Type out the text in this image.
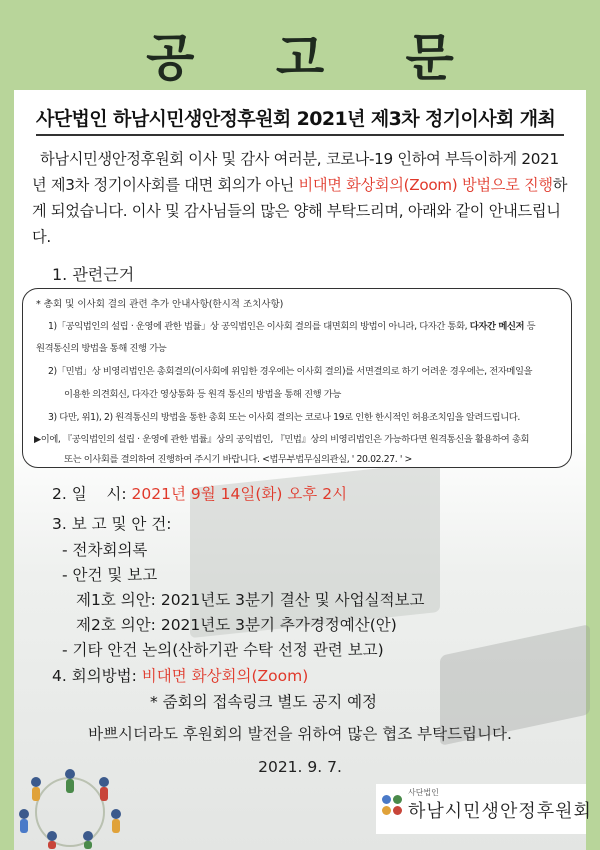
공 고 문
사단법인 하남시민생안정후원회 2021년 제3차 정기이사회 개최
하남시민생안정후원회 이사 및 감사 여러분, 코로나-19 인하여 부득이하게 2021년 제3차 정기이사회를 대면 회의가 아닌 비대면 화상회의(Zoom) 방법으로 진행하게 되었습니다. 이사 및 감사님들의 많은 양해 부탁드리며, 아래와 같이 안내드립니다.
1. 관련근거
* 총회 및 이사회 결의 관련 추가 안내사항(한시적 조치사항)
1)「공익법인의 설립 · 운영에 관한 법률」상 공익법인은 이사회 결의를 대면회의 방법이 아니라, 다자간 통화, 다자간 메신저 등
원격통신의 방법을 통해 진행 가능
2)「민법」상 비영리법인은 총회결의(이사회에 위임한 경우에는 이사회 결의)를 서면결의로 하기 어려운 경우에는, 전자메일을
이용한 의견회신, 다자간 영상통화 등 원격 통신의 방법을 통해 진행 가능
3) 다만, 위1), 2) 원격통신의 방법을 통한 총회 또는 이사회 결의는 코로나 19로 인한 한시적인 허용조치임을 알려드립니다.
▶이에, 『공익법인의 설립 · 운영에 관한 법률』상의 공익법인, 『민법』상의 비영리법인은 가능하다면 원격통신을 활용하여 총회
또는 이사회를 결의하여 진행하여 주시기 바랍니다. <법무부법무심의관실, ' 20.02.27. ' >
2. 일    시: 2021년 9월 14일(화) 오후 2시
3. 보 고 및 안 건:
- 전차회의록
- 안건 및 보고
제1호 의안: 2021년도 3분기 결산 및 사업실적보고
제2호 의안: 2021년도 3분기 추가경정예산(안)
- 기타 안건 논의(산하기관 수탁 선정 관련 보고)
4. 회의방법: 비대면 화상회의(Zoom)
* 줌회의 접속링크 별도 공지 예정
바쁘시더라도 후원회의 발전을 위하여 많은 협조 부탁드립니다.
2021. 9. 7.
사단법인
하남시민생안정후원회
